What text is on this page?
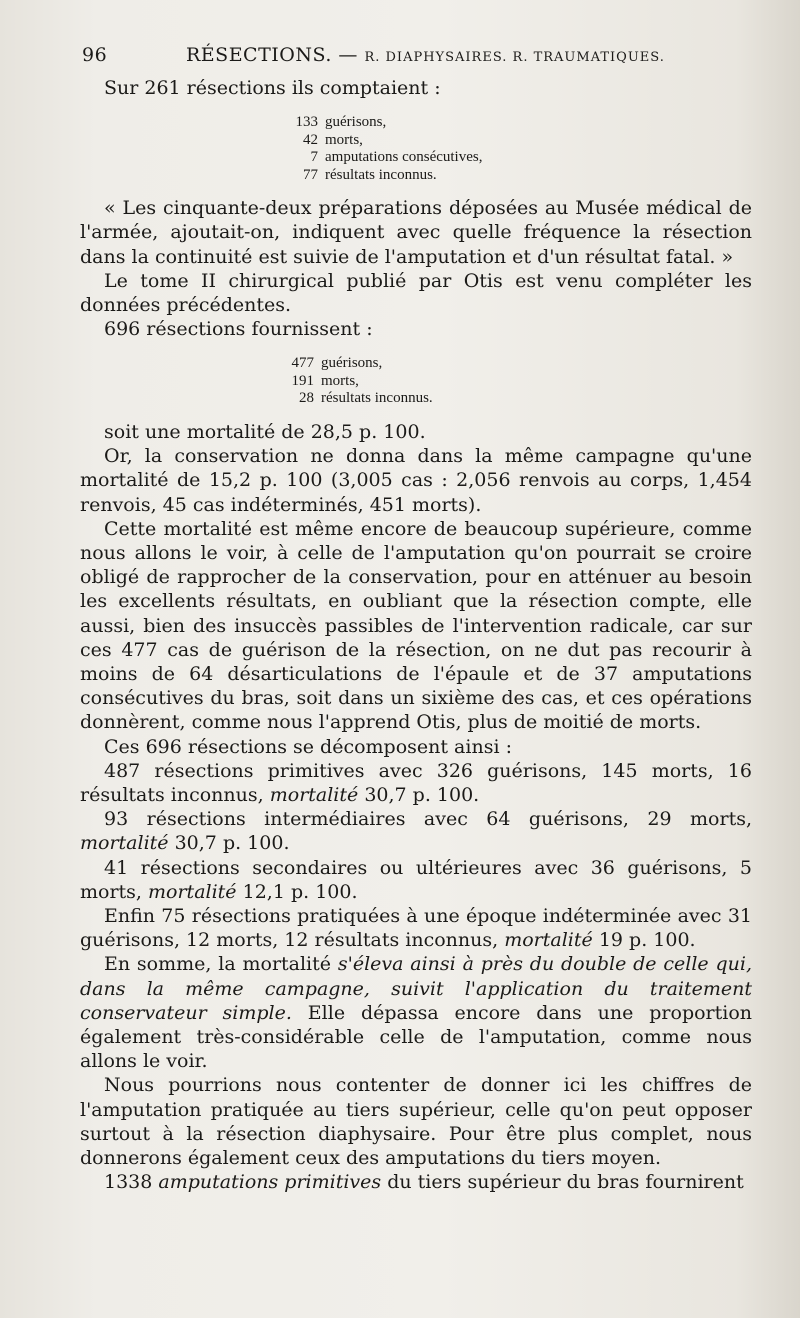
96	RÉSECTIONS. — R. DIAPHYSAIRES. R. TRAUMATIQUES.

Sur 261 résections ils comptaient :

133 guérisons,
42 morts,
7 amputations consécutives,
77 résultats inconnus.

« Les cinquante-deux préparations déposées au Musée médical de l'armée, ajoutait-on, indiquent avec quelle fréquence la résection dans la continuité est suivie de l'amputation et d'un résultat fatal. »

Le tome II chirurgical publié par Otis est venu compléter les données précédentes.

696 résections fournissent :

477 guérisons,
191 morts,
28 résultats inconnus.

soit une mortalité de 28,5 p. 100.

Or, la conservation ne donna dans la même campagne qu'une mortalité de 15,2 p. 100 (3,005 cas : 2,056 renvois au corps, 1,454 renvois, 45 cas indéterminés, 451 morts).

Cette mortalité est même encore de beaucoup supérieure, comme nous allons le voir, à celle de l'amputation qu'on pourrait se croire obligé de rapprocher de la conservation, pour en atténuer au besoin les excellents résultats, en oubliant que la résection compte, elle aussi, bien des insuccès passibles de l'intervention radicale, car sur ces 477 cas de guérison de la résection, on ne dut pas recourir à moins de 64 désarticulations de l'épaule et de 37 amputations consécutives du bras, soit dans un sixième des cas, et ces opérations donnèrent, comme nous l'apprend Otis, plus de moitié de morts.

Ces 696 résections se décomposent ainsi :

487 résections primitives avec 326 guérisons, 145 morts, 16 résultats inconnus, mortalité 30,7 p. 100.

93 résections intermédiaires avec 64 guérisons, 29 morts, mortalité 30,7 p. 100.

41 résections secondaires ou ultérieures avec 36 guérisons, 5 morts, mortalité 12,1 p. 100.

Enfin 75 résections pratiquées à une époque indéterminée avec 31 guérisons, 12 morts, 12 résultats inconnus, mortalité 19 p. 100.

En somme, la mortalité s'éleva ainsi à près du double de celle qui, dans la même campagne, suivit l'application du traitement conservateur simple. Elle dépassa encore dans une proportion également très-considérable celle de l'amputation, comme nous allons le voir.

Nous pourrions nous contenter de donner ici les chiffres de l'amputation pratiquée au tiers supérieur, celle qu'on peut opposer surtout à la résection diaphysaire. Pour être plus complet, nous donnerons également ceux des amputations du tiers moyen.

1338 amputations primitives du tiers supérieur du bras fournirent
